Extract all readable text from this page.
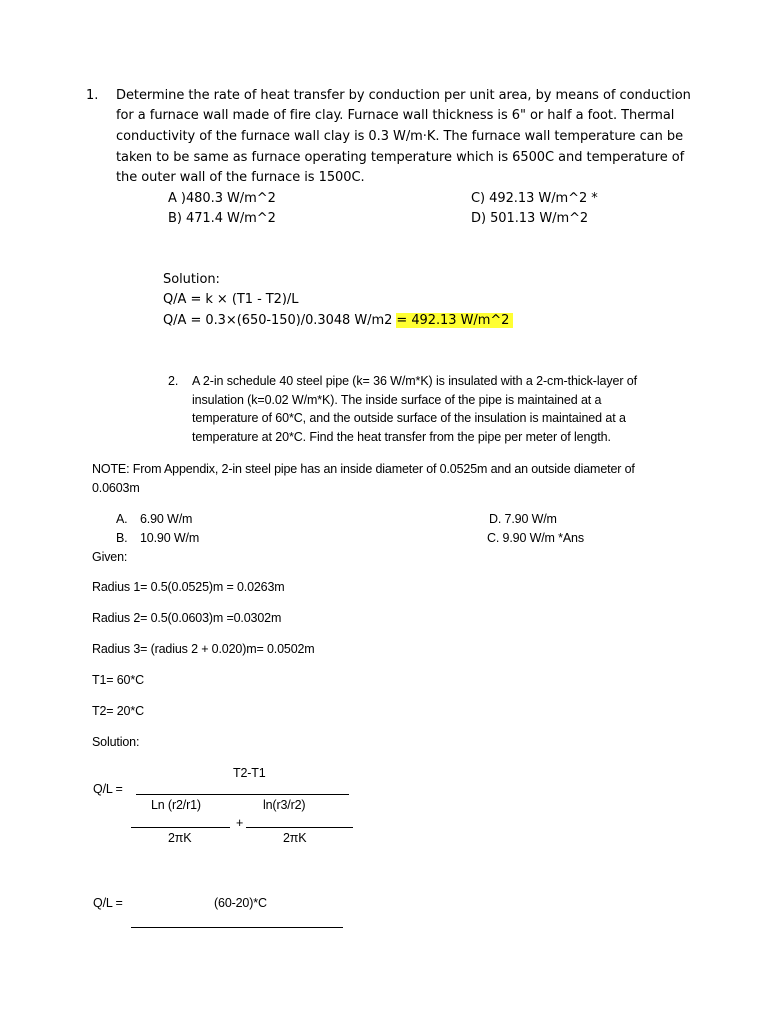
1. Determine the rate of heat transfer by conduction per unit area, by means of conduction
for a furnace wall made of fire clay. Furnace wall thickness is 6" or half a foot. Thermal
conductivity of the furnace wall clay is 0.3 W/m·K. The furnace wall temperature can be
taken to be same as furnace operating temperature which is 6500C and temperature of
the outer wall of the furnace is 1500C.
A )480.3 W/m^2	C) 492.13 W/m^2 *
B) 471.4 W/m^2	D) 501.13 W/m^2
Solution:
Q/A = k × (T1 - T2)/L
Q/A = 0.3×(650-150)/0.3048 W/m2 = 492.13 W/m^2
2. A 2-in schedule 40 steel pipe (k= 36 W/m*K) is insulated with a 2-cm-thick-layer of
insulation (k=0.02 W/m*K). The inside surface of the pipe is maintained at a
temperature of 60*C, and the outside surface of the insulation is maintained at a
temperature at 20*C. Find the heat transfer from the pipe per meter of length.
NOTE: From Appendix, 2-in steel pipe has an inside diameter of 0.0525m and an outside diameter of
0.0603m
A. 6.90 W/m	D. 7.90 W/m
B. 10.90 W/m	C. 9.90 W/m *Ans
Given:
Radius 1= 0.5(0.0525)m = 0.0263m
Radius 2= 0.5(0.0603)m =0.0302m
Radius 3= (radius 2 + 0.020)m= 0.0502m
T1= 60*C
T2= 20*C
Solution:
T2-T1
Q/L =
Ln (r2/r1)	ln(r3/r2)
+
2πK	2πK
Q/L =	(60-20)*C
